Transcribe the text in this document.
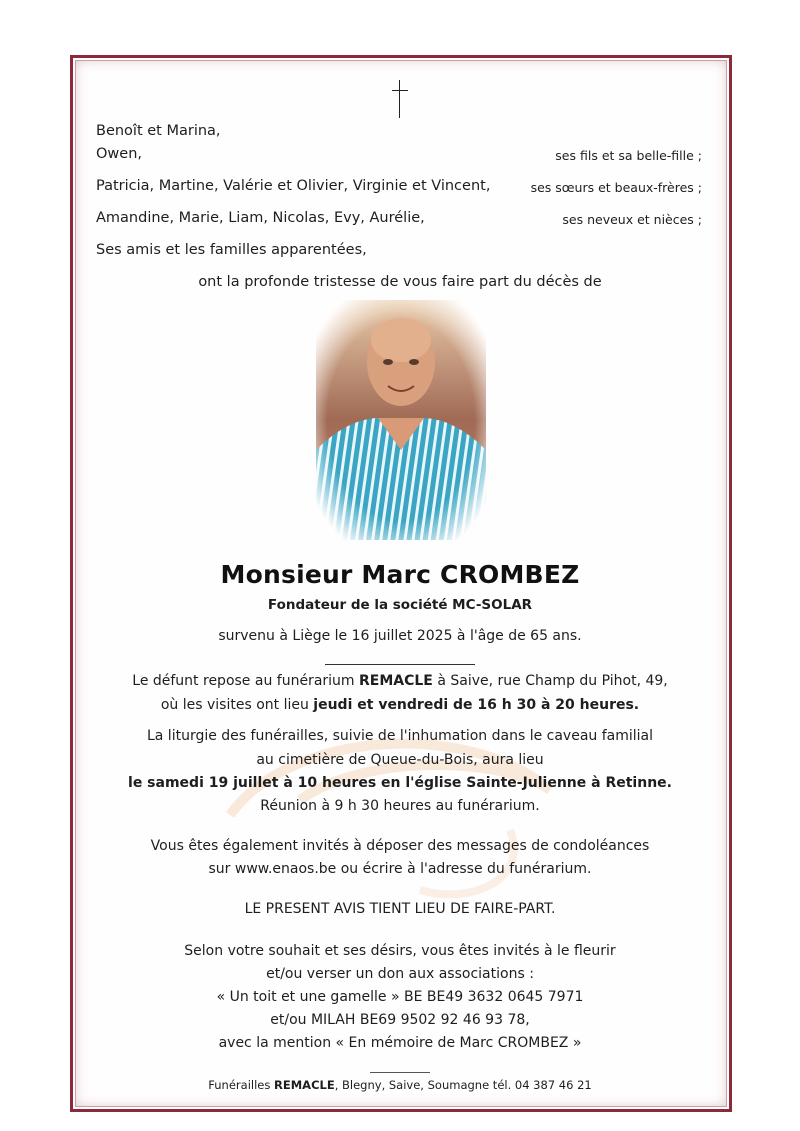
Benoît et Marina,
Owen,	ses fils et sa belle-fille ;
Patricia, Martine, Valérie et Olivier, Virginie et Vincent,	ses sœurs et beaux-frères ;
Amandine, Marie, Liam, Nicolas, Evy, Aurélie,	ses neveux et nièces ;
Ses amis et les familles apparentées,
ont la profonde tristesse de vous faire part du décès de
Monsieur Marc CROMBEZ
Fondateur de la société MC-SOLAR
survenu à Liège le 16 juillet 2025 à l'âge de 65 ans.
Le défunt repose au funérarium REMACLE à Saive, rue Champ du Pihot, 49,
où les visites ont lieu jeudi et vendredi de 16 h 30 à 20 heures.
La liturgie des funérailles, suivie de l'inhumation dans le caveau familial
au cimetière de Queue-du-Bois, aura lieu
le samedi 19 juillet à 10 heures en l'église Sainte-Julienne à Retinne.
Réunion à 9 h 30 heures au funérarium.
Vous êtes également invités à déposer des messages de condoléances
sur www.enaos.be ou écrire à l'adresse du funérarium.
LE PRESENT AVIS TIENT LIEU DE FAIRE-PART.
Selon votre souhait et ses désirs, vous êtes invités à le fleurir
et/ou verser un don aux associations :
« Un toit et une gamelle » BE BE49 3632 0645 7971
et/ou MILAH BE69 9502 92 46 93 78,
avec la mention « En mémoire de Marc CROMBEZ »
Funérailles REMACLE, Blegny, Saive, Soumagne tél. 04 387 46 21
